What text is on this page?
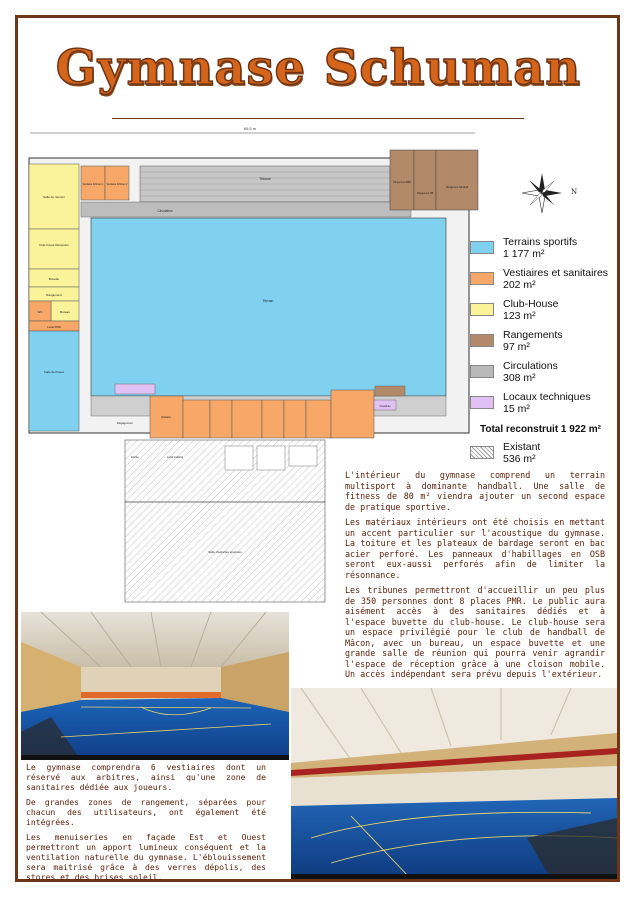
Gymnase Schuman
89,5 m
Tribune
Circulation
Salle de réunion
Club-house Réception
Buvette
Rangement
Bureau
WC
Local PMR
Salle de fitness
Vestiaire Arbitres 1 Vestiaire Arbitres 2
Terrain
Rangement BBB
Rangement HB
Rangement handball
Dégagement
Vestiaire
Chaufferie
Local matériel
Entrée
Salle d'activités sportives
N
Terrains sportifs
1 177 m²
Vestiaires et sanitaires
202 m²
Club-House
123 m²
Rangements
97 m²
Circulations
308 m²
Locaux techniques
15 m²
Total reconstruit 1 922 m²
Existant
536 m²

L'intérieur du gymnase comprend un terrain multisport à dominante handball. Une salle de fitness de 80 m² viendra ajouter un second espace de pratique sportive.

Les matériaux intérieurs ont été choisis en mettant un accent particulier sur l'acoustique du gymnase. La toiture et les plateaux de bardage seront en bac acier perforé. Les panneaux d'habillages en OSB seront eux-aussi perforés afin de limiter la résonnance.

Les tribunes permettront d'accueillir un peu plus de 350 personnes dont 8 places PMR. Le public aura aisément accès à des sanitaires dédiés et à l'espace buvette du club-house. Le club-house sera un espace privilégié pour le club de handball de Mâcon, avec un bureau, un espace buvette et une grande salle de réunion qui pourra venir agrandir l'espace de réception grâce à une cloison mobile. Un accès indépendant sera prévu depuis l'extérieur.

Le gymnase comprendra 6 vestiaires dont un réservé aux arbitres, ainsi qu'une zone de sanitaires dédiée aux joueurs.

De grandes zones de rangement, séparées pour chacun des utilisateurs, ont également été intégrées.

Les menuiseries en façade Est et Ouest permettront un apport lumineux conséquent et la ventilation naturelle du gymnase. L'éblouissement sera maitrisé grâce à des verres dépolis, des stores et des brises soleil.
